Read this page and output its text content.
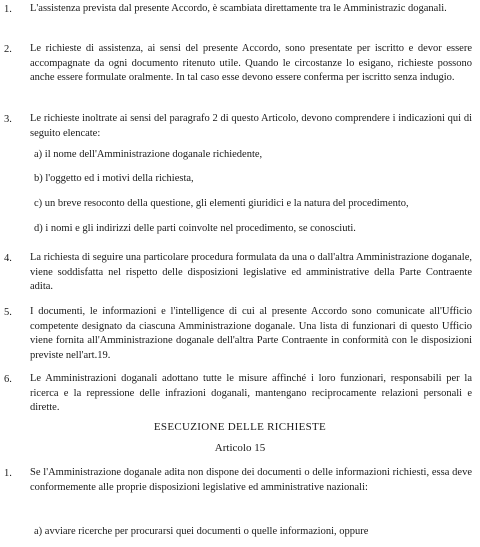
1. L'assistenza prevista dal presente Accordo, è scambiata direttamente tra le Amministrazic doganali.
2. Le richieste di assistenza, ai sensi del presente Accordo, sono presentate per iscritto e devor essere accompagnate da ogni documento ritenuto utile. Quando le circostanze lo esigano, richieste possono anche essere formulate oralmente. In tal caso esse devono essere conferma per iscritto senza indugio.
3. Le richieste inoltrate ai sensi del paragrafo 2 di questo Articolo, devono comprendere i indicazioni qui di seguito elencate:
a) il nome dell'Amministrazione doganale richiedente,
b) l'oggetto ed i motivi della richiesta,
c) un breve resoconto della questione, gli elementi giuridici e la natura del procedimento,
d) i nomi e gli indirizzi delle parti coinvolte nel procedimento, se conosciuti.
4. La richiesta di seguire una particolare procedura formulata da una o dall'altra Amministrazione doganale, viene soddisfatta nel rispetto delle disposizioni legislative ed amministrative della Parte Contraente adita.
5. I documenti, le informazioni e l'intelligence di cui al presente Accordo sono comunicate all'Ufficio competente designato da ciascuna Amministrazione doganale. Una lista di funzionari di questo Ufficio viene fornita all'Amministrazione doganale dell'altra Parte Contraente in conformità con le disposizioni previste nell'art.19.
6. Le Amministrazioni doganali adottano tutte le misure affinché i loro funzionari, responsabili per la ricerca e la repressione delle infrazioni doganali, mantengano reciprocamente relazioni personali e dirette.
ESECUZIONE DELLE RICHIESTE
Articolo 15
1. Se l'Amministrazione doganale adita non dispone dei documenti o delle informazioni richiesti, essa deve conformemente alle proprie disposizioni legislative ed amministrative nazionali:
a) avviare ricerche per procurarsi quei documenti o quelle informazioni, oppure
